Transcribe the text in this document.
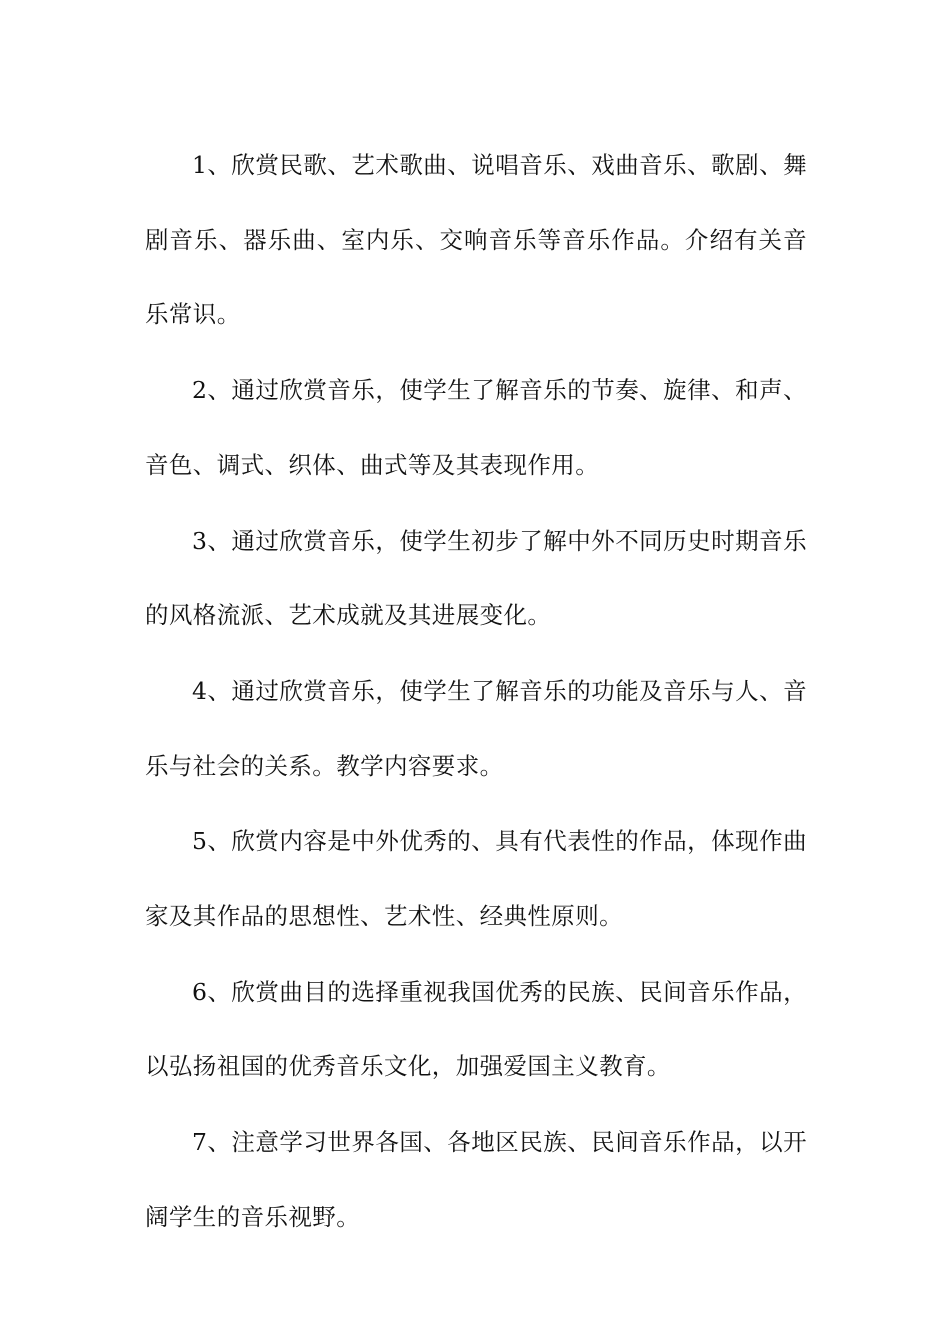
1、欣赏民歌、艺术歌曲、说唱音乐、戏曲音乐、歌剧、舞剧音乐、器乐曲、室内乐、交响音乐等音乐作品。介绍有关音乐常识。

2、通过欣赏音乐，使学生了解音乐的节奏、旋律、和声、音色、调式、织体、曲式等及其表现作用。

3、通过欣赏音乐，使学生初步了解中外不同历史时期音乐的风格流派、艺术成就及其进展变化。

4、通过欣赏音乐，使学生了解音乐的功能及音乐与人、音乐与社会的关系。教学内容要求。

5、欣赏内容是中外优秀的、具有代表性的作品，体现作曲家及其作品的思想性、艺术性、经典性原则。

6、欣赏曲目的选择重视我国优秀的民族、民间音乐作品，以弘扬祖国的优秀音乐文化，加强爱国主义教育。

7、注意学习世界各国、各地区民族、民间音乐作品，以开阔学生的音乐视野。
